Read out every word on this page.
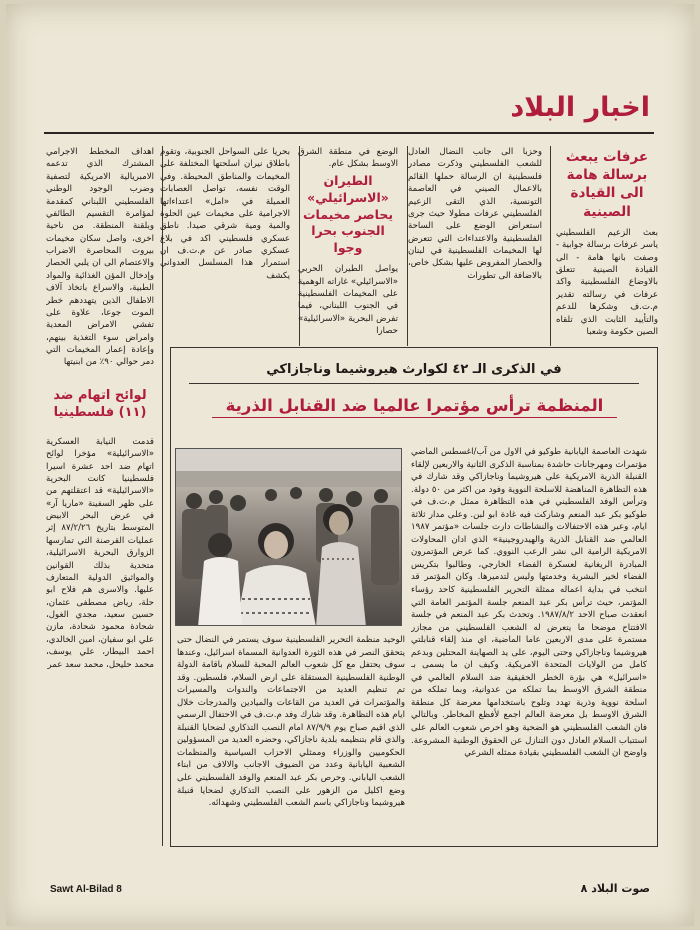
اخبار البلاد
عرفات يبعث برسالة هامة الى القيادة الصينية

بعث الزعيم الفلسطيني ياسر عرفات برسالة جوابية - وصفت بانها هامة - الى القيادة الصينية تتعلق بالاوضاع الفلسطينية واكد عرفات في رسالته تقدير م.ت.ف وشكرها للدعم والتأييد الثابت الذي تلقاه الصين حكومة وشعبا

وحزبا الى جانب النضال العادل للشعب الفلسطيني وذكرت مصادر فلسطينية ان الرسالة حملها القائم بالاعمال الصيني في العاصمة التونسية، الذي التقى الزعيم الفلسطيني عرفات مطولا حيث جرى استعراض الوضع على الساحة الفلسطينية والاعتداءات التي تتعرض لها المخيمات الفلسطينية في لبنان والحصار المفروض عليها بشكل خاص، بالاضافة الى تطورات

الوضع في منطقة الشرق الاوسط بشكل عام.

الطيران «الاسرائيلي» يحاصر مخيمات الجنوب بحرا وجوا

يواصل الطيران الحربي «الاسرائيلي» غاراته الوهمية على المخيمات الفلسطينية في الجنوب اللبناني، فيما تفرض البحرية «الاسرائيلية» حصارا

بحريا على السواحل الجنوبية، وتقوم باطلاق نيران اسلحتها المختلفة على المخيمات والمناطق المحيطة. وفي الوقت نفسه، تواصل العصابات العميلة في «امل» اعتداءاتها الاجرامية على مخيمات عين الحلوة والمية ومية شرقي صيدا. ناطق عسكري فلسطيني اكد في بلاغ عسكري صادر عن م.ت.ف ان استمرار هذا المسلسل العدواني يكشف

اهداف المخطط الاجرامي المشترك الذي تدعمه الامبريالية الامريكية لتصفية وضرب الوجود الوطني الفلسطيني اللبناني كمقدمة لمؤامرة التقسيم الطائفي وبلقنة المنطقة. من ناحية اخرى، واصل سكان مخيمات بيروت المحاصرة الاضراب والاعتصام الى ان يلبي الحصار وإدخال المؤن الغذائية والمواد الطبية، والاسراع باتخاذ آلاف الاطفال الذين يتهددهم خطر الموت جوعا، علاوة على تفشي الامراض المعدية وامراض سوء التغذية بينهم، وإعادة إعمار المخيمات التي دمر حوالي ٩٠٪ من ابنيتها

لوائح اتهام ضد (١١) فلسطينيا

قدمت النيابة العسكرية «الاسرائيلية» مؤخرا لوائح اتهام ضد احد عشرة اسيرا فلسطينيا كانت البحرية «الاسرائيلية» قد اعتقلتهم من على ظهر السفينة «ماريا آر» في عرض البحر الابيض المتوسط بتاريخ ٨٧/٢/٢٦ إثر عمليات القرصنة التي تمارسها الزوارق البحرية الاسرائيلية، متحدية بذلك القوانين والمواثيق الدولية المتعارف عليها. والاسرى هم فلاح ابو حلة، رياض مصطفى عثمان، حسين سعيد، مجدي الغول، شحادة محمود شحادة، مازن علي ابو سفيان، امين الخالدي، احمد البيطار، علي يوسف، محمد حليحل، محمد سعد عمر

في الذكرى الـ ٤٢ لكوارث هيروشيما وناجازاكي
المنظمة ترأس مؤتمرا عالميا ضد القنابل الذرية
شهدت العاصمة اليابانية طوكيو في الاول من آب/اغسطس الماضي مؤتمرات ومهرجانات حاشدة بمناسبة الذكرى الثانية والاربعين لإلقاء القنبلة الذرية الامريكية على هيروشيما وناجازاكي وقد شارك في هذه التظاهرة المناهضة للاسلحة النووية وفود من اكثر من ٥٠ دولة. وترأس الوفد الفلسطيني في هذه التظاهرة ممثل م.ت.ف في طوكيو بكر عبد المنعم وشاركت فيه غادة ابو لبن. وعلى مدار ثلاثة ايام، وعبر هذه الاحتفالات والنشاطات دارت جلسات «مؤتمر ١٩٨٧ العالمي ضد القنابل الذرية والهيدروجينية» الذي ادان المحاولات الامريكية الرامية الى نشر الرعب النووي. كما عرض المؤتمرون المبادرة الريغانية لعسكرة الفضاء الخارجي، وطالبوا بتكريس الفضاء لخير البشرية وخدمتها وليس لتدميرها. وكان المؤتمر قد انتخب في بداية اعماله ممثلة التحرير الفلسطينية كاحد رؤساء المؤتمر، حيث ترأس بكر عبد المنعم جلسة المؤتمر العامة التي انعقدت صباح الاحد ١٩٨٧/٨/٢. وتحدث بكر عبد المنعم في جلسة الافتتاح موضحا ما يتعرض له الشعب الفلسطيني من مجازر مستمرة على مدى الاربعين عاما الماضية، اي منذ إلقاء قنابلتي هيروشيما وناجازاكي وحتى اليوم، على يد الصهاينة المحتلين وبدعم كامل من الولايات المتحدة الامريكية. وكيف ان ما يسمى بـ «اسرائيل» هي بؤرة الخطر الحقيقية ضد السلام العالمي في منطقة الشرق الاوسط بما تملكه من عدوانية، وبما تملكه من اسلحة نووية وذرية تهدد وتلوح باستخدامها معرضة كل منطقة الشرق الاوسط بل معرضة العالم اجمع لأفظع المخاطر. وبالتالي فان الشعب الفلسطيني هو الضحية وهو احرص شعوب العالم على استتباب السلام العادل دون التنازل عن الحقوق الوطنية المشروعة. واوضح ان الشعب الفلسطيني بقيادة ممثله الشرعي
الوحيد منظمة التحرير الفلسطينية سوف يستمر في النضال حتى يتحقق النصر في هذه الثورة العدوانية المسماة اسرائيل، وعندها سوف يحتفل مع كل شعوب العالم المحبة للسلام باقامة الدولة الوطنية الفلسطينية المستقلة على ارض السلام، فلسطين. وقد تم تنظيم العديد من الاجتماعات والندوات والمسيرات والمؤتمرات في العديد من القاعات والميادين والمدرجات خلال ايام هذه التظاهرة. وقد شارك وفد م.ت.ف في الاحتفال الرسمي الذي اقيم صباح يوم ٨٧/٩/٩ امام النصب التذكاري لضحايا القنبلة والذي قام بتنظيمه بلدية ناجازاكي، وحضره العديد من المسؤولين الحكوميين والوزراء وممثلي الاحزاب السياسية والمنظمات الشعبية اليابانية وعدد من الضيوف الاجانب والالاف من ابناء الشعب الياباني. وحرص بكر عبد المنعم والوفد الفلسطيني على وضع اكليل من الزهور على النصب التذكاري لضحايا قنبلة هيروشيما وناجازاكي باسم الشعب الفلسطيني وشهدائه.
Sawt Al-Bilad 8	صوت البلاد ٨
